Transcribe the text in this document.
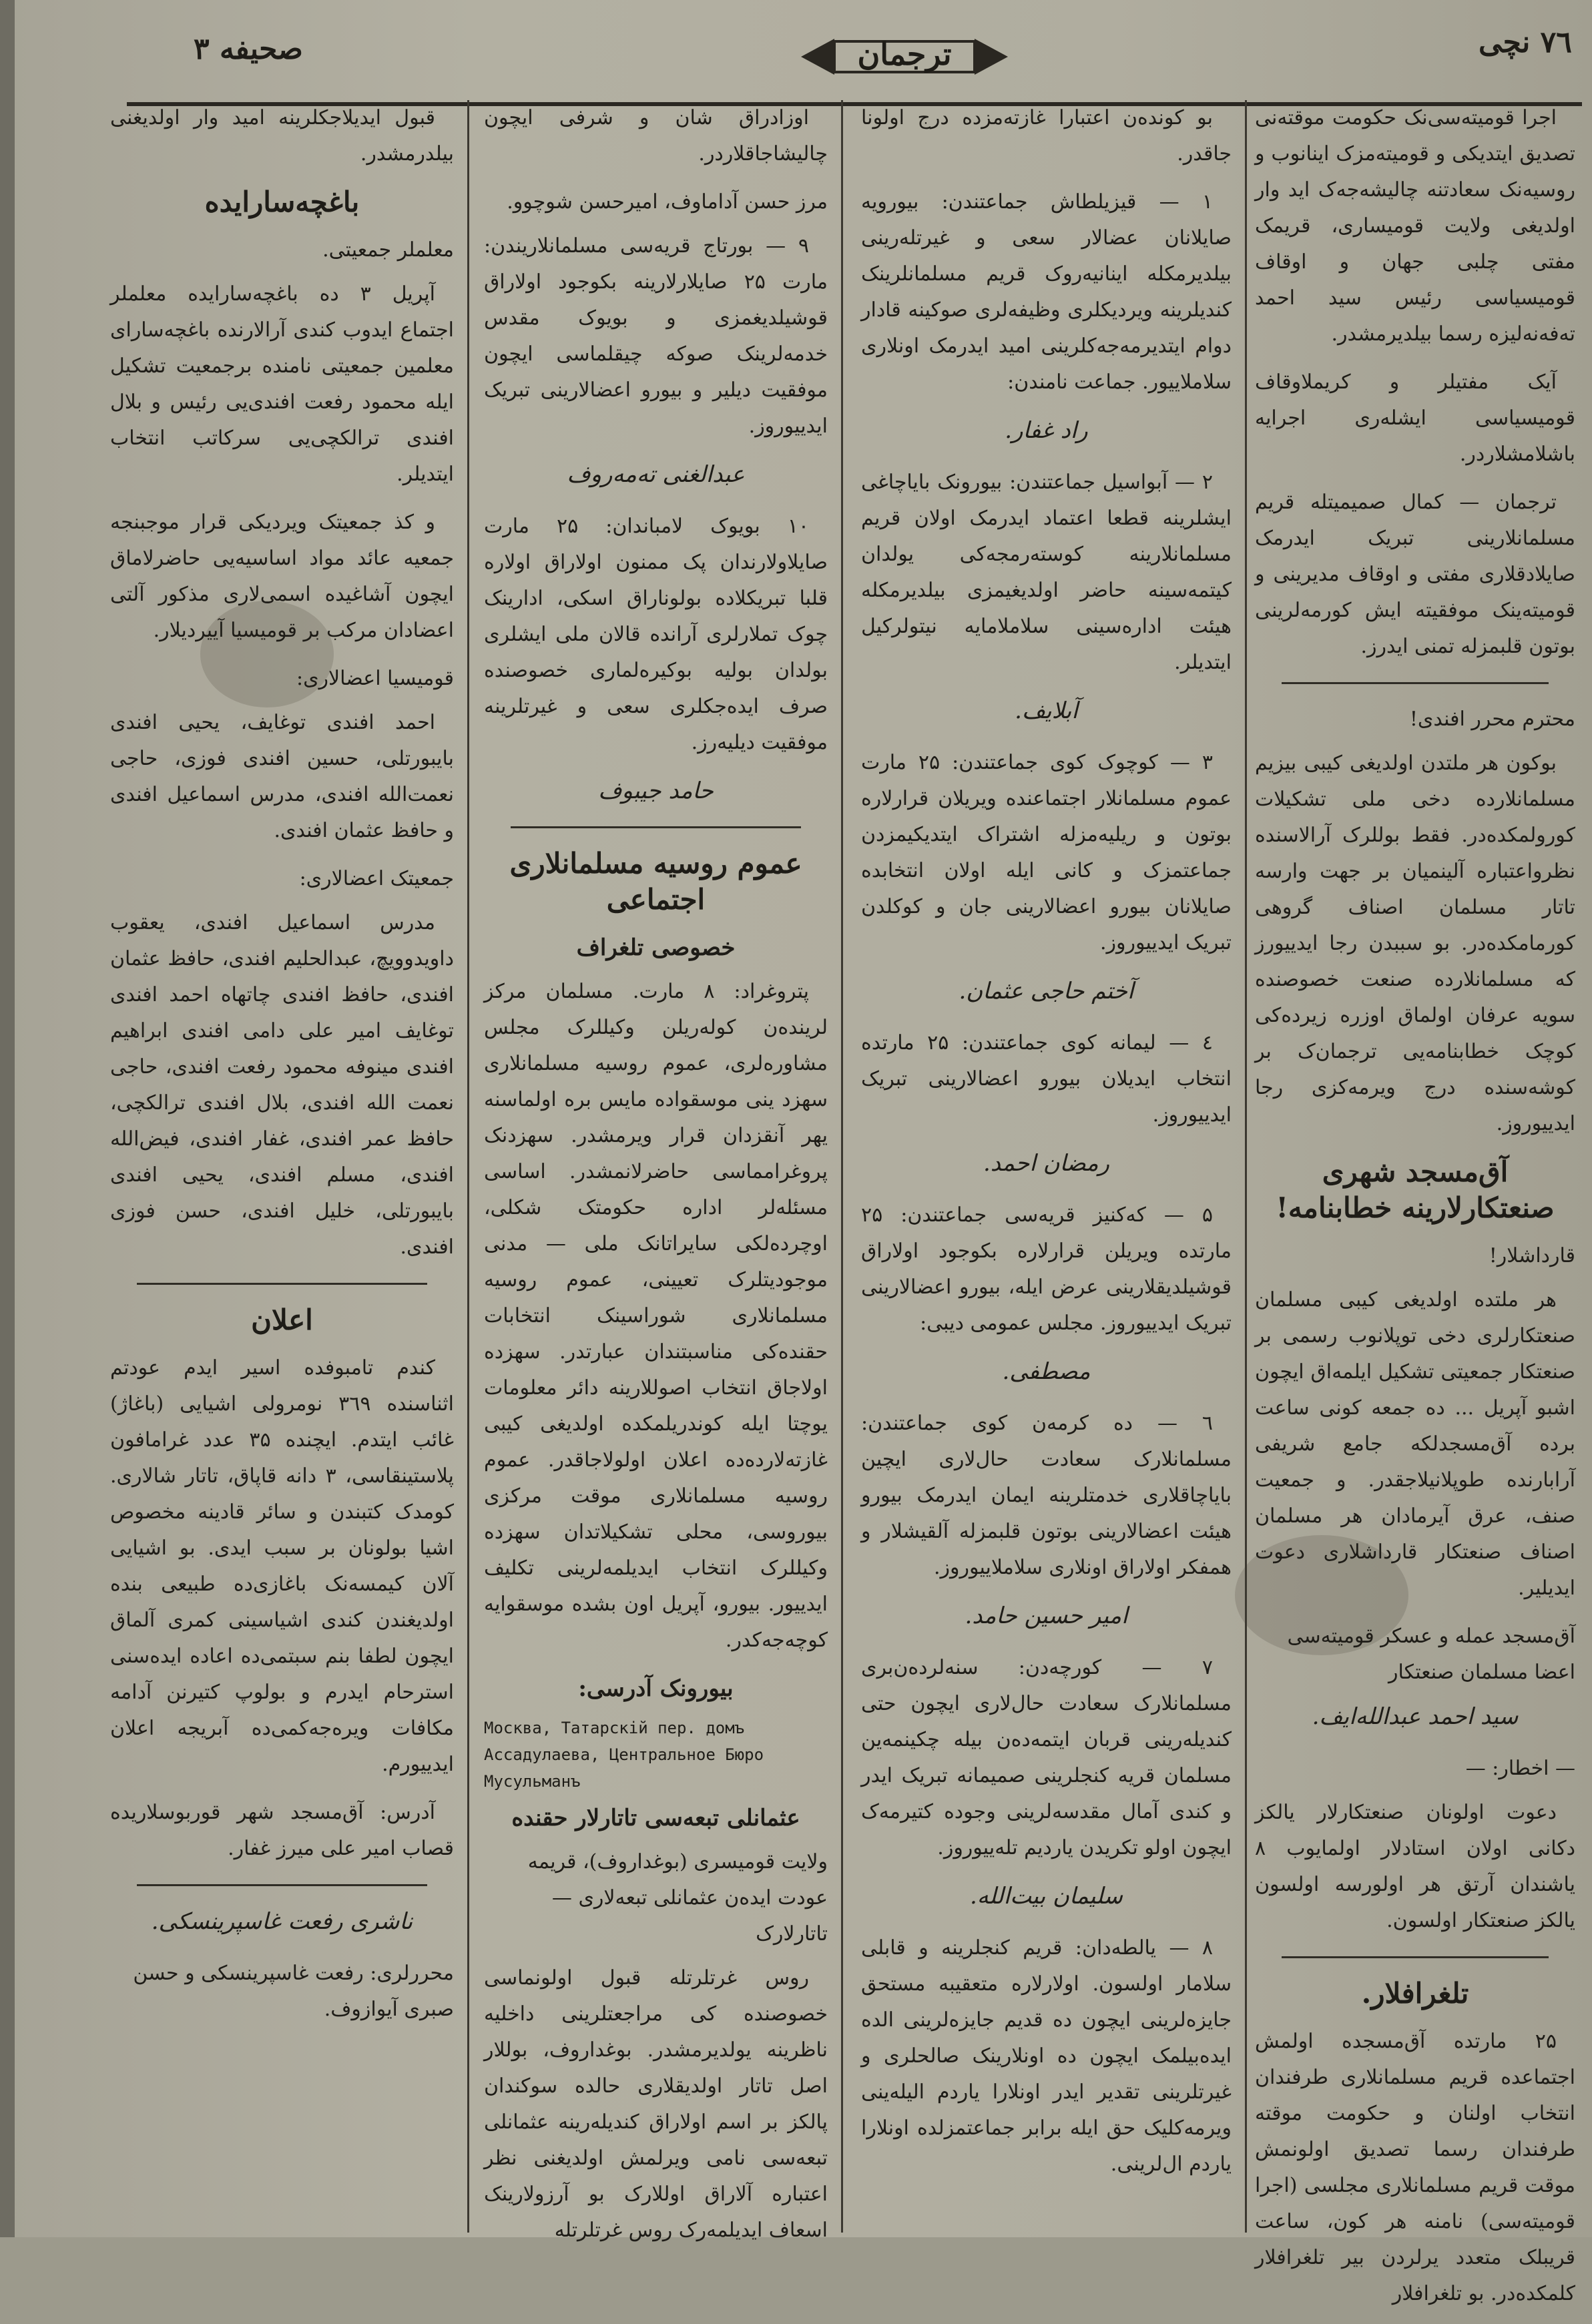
۷٦ نچی
ترجمان
صحیفه ۳

اجرا قومیته‌سی‌نک حکومت موقته‌نی تصدیق ایتدیکی و قومیته‌مزک اینانوب و روسیه‌نک سعادتنه چالیشه‌جه‌ک اید وار اولدیغی ولایت قومیساری، قریمک مفتی چلبی جهان و اوقاف قومیسیاسی رئیس سید احمد ته‌فه‌نه‌لیزه رسما بیلدیرمشدر.

آیک مفتیلر و کریملاوقاف قومیسیاسی ایشله‌ری اجرایه باشلامشلاردر.

ترجمان — کمال صمیمیتله قریم مسلمانلارینی تبریک ایدرمک صایلادقلاری مفتی و اوقاف مدیرینی و قومیته‌ینک موفقیته ایش کورمه‌لرینی بوتون قلبمزله تمنی ایدرز.

محترم محرر افندی!

بوکون هر ملتدن اولدیغی کیبی بیزیم مسلمانلارده دخی ملی تشکیلات کورولمکده‌در. فقط بوللرک آرالاسنده نظرواعتباره آلینمیان بر جهت وارسه تاتار مسلمان اصناف گروهی کورمامکده‌در. بو سببدن رجا ایدییورز که مسلمانلارده صنعت خصوصنده سویه عرفان اولماق اوزره زیرده‌کی کوچک خطابنامه‌یی ترجمان‌ک بر کوشه‌سنده درج ویرمه‌کزی رجا ایدییوروز.

آق‌مسجد شهری صنعتکارلارینه خطابنامه!
قارداشلار!

هر ملتده اولدیغی کیبی مسلمان صنعتکارلری دخی توپلانوب رسمی بر صنعتکار جمعیتی تشکیل ایلمه‌اق ایچون اشبو آپریل ... ده جمعه کونی ساعت برده آق‌مسجدلکه جامع شریفی آرابارنده طوپلانیلاجقدر. و جمعیت صنف، عرق آیرمادان هر مسلمان اصناف صنعتکار قارداشلاری دعوت ایدیلیر.

آق‌مسجد عمله و عسکر قومیته‌سی اعضا مسلمان صنعتکار
سید احمد عبدالله‌ایف.
— اخطار: —

دعوت اولونان صنعتکارلار یالکز دکانی اولان استادلار اولمایوب ۸ یاشندان آرتق هر اولورسه اولسون یالکز صنعتکار اولسون.

تلغرافلار.

۲۵ مارتده آق‌مسجده اولمش اجتماعده قریم مسلمانلاری طرفندان انتخاب اولنان و حکومت موقته طرفندان رسما تصدیق اولونمش موقت قریم مسلمانلاری مجلسی (اجرا قومیته‌سی) نامنه هر کون، ساعت قریبلک متعدد یرلردن بیر تلغرافلار کلمکده‌در. بو تلغرافلار

بو کونده‌ن اعتبارا غازته‌مزده درج اولونا جاقدر.

۱ — قیزیلطاش جماعتندن: بیورویه صایلانان عضالار سعی و غیرتله‌رینی بیلدیرمکله اینانیه‌روک قریم مسلمانلرینک کندیلرینه ویردیکلری وظیفه‌لری صوکینه قادار دوام ایتدیرمه‌جه‌کلرینی امید ایدرمک اونلاری سلاملاییور. جماعت نامندن:

راد غفار.

۲ — آبواسیل جماعتندن: بیورونک بایاچاغی ایشلرینه قطعا اعتماد ایدرمک اولان قریم مسلمانلارینه کوسته‌رمجه‌کی یولدان کیتمه‌سینه حاضر اولدیغیمزی بیلدیرمکله هیئت اداره‌سینی سلاملامایه نیتولرکیل ایتدیلر.

آبلایف.

۳ — کوچوک کوی جماعتندن: ۲۵ مارت عموم مسلمانلار اجتماعنده ویریلان قرارلاره بوتون و ریلیه‌مزله اشتراک ایتدیکیمزدن جماعتمزک و کانی ایله اولان انتخابده صایلانان بیورو اعضالارینی جان و کوکلدن تبریک ایدییوروز.

آختم حاجی عثمان.

٤ — لیمانه کوی جماعتندن: ۲۵ مارتده انتخاب ایدیلان بیورو اعضالارینی تبریک ایدییوروز.

رمضان احمد.

۵ — که‌کنیز قریه‌سی جماعتندن: ۲۵ مارتده ویریلن قرارلاره بکوجود اولاراق قوشیلدیقلارینی عرض ایله، بیورو اعضالارینی تبریک ایدییوروز. مجلس عمومی دیبی:

مصطفی.

٦ — ده کرمه‌ن کوی جماعتندن: مسلمانلارک سعادت حال‌لاری ایچین بایاچاقلاری خدمتلرینه ایمان ایدرمک بیورو هیئت اعضالارینی بوتون قلبمزله آلقیشلار و همفکر اولاراق اونلاری سلاملاییوروز.

امیر حسین حامد.

۷ — کورچه‌دن: سنه‌لرده‌ن‌بری مسلمانلارک سعادت حال‌لاری ایچون حتی کندیله‌رینی قربان ایتمه‌ده‌ن بیله چکینمه‌ین مسلمان قریه کنجلرینی صمیمانه تبریک ایدر و کندی آمال مقدسه‌لرینی وجوده کتیرمه‌ک ایچون اولو تکریدن یاردیم تله‌ییوروز.

سلیمان بیت‌الله.

۸ — یالطه‌دان: قریم کنجلرینه و قابلی سلامار اولسون. اولارلاره متعقیبه مستحق جایزه‌لرینی ایچون ده قدیم جایزه‌لرینی الده ایده‌بیلمک ایچون ده اونلارینک صالحلری و غیرتلرینی تقدیر ایدر اونلارا یاردم الیله‌ینی ویرمه‌کلیک حق ایله برابر جماعتمزلده اونلارا یاردم ال‌لرینی.

اوزادراق شان و شرفی ایچون چالیشاجاقلاردر.

مرز حسن آداماوف، امیرحسن شوچوو.

۹ — بورتاج قریه‌سی مسلمانلاریندن: مارت ۲۵ صایلارلارینه بکوجود اولاراق قوشیلدیغمزی و بویوک مقدس خدمه‌لرینک صوکه چیقلماسی ایچون موفقیت دیلیر و بیورو اعضالارینی تبریک ایدییوروز.

عبدالغنی ته‌مه‌روف

۱۰ بویوک لامباندان: ۲۵ مارت صایلاولارندان پک ممنون اولاراق اولاره قلبا تبریکلاده بولوناراق اسکی، ادارینک چوک تملارلری آرانده قالان ملی ایشلری بولدان بولیه بوکیره‌لماری خصوصنده صرف ایده‌جکلری سعی و غیرتلرینه موفقیت دیلیه‌رز.

حامد جیبوف
عموم روسیه مسلمانلاری اجتماعی
خصوصی تلغراف

پتروغراد: ۸ مارت. مسلمان مرکز لرینده‌ن کوله‌ریلن وکیللرک مجلس مشاوره‌لری، عموم روسیه مسلمانلاری سهزد ینی موسقواده مایس بره اولماسنه یهر آنقزدان قرار ویرمشدر. سهزدنک پروغرامماسی حاضرلانمشدر. اساسی مسئله‌لر اداره حکومتک شکلی، اوچرده‌لکی سایراتانک ملی — مدنی موجودیتلرک تعیینی، عموم روسیه مسلمانلاری شوراسینک انتخابات حقنده‌کی مناسبتندان عبارتدر. سهزده اولاجاق انتخاب اصوللارینه دائر معلومات یوچتا ایله کوندریلمکده اولدیغی کیبی غازته‌لارده‌ده اعلان اولولاجاقدر. عموم روسیه مسلمانلاری موقت مرکزی بیوروسی، محلی تشکیلاتدان سهزده وکیللرک انتخاب ایدیلمه‌لرینی تکلیف ایدییور. بیورو، آپریل اون بشده موسقوایه کوچه‌جه‌کدر.

بیورونک آدرسی:
Москва, Татарскiй пер. домъ Ассадулаева, Центральное Бюро Мусульманъ
عثمانلی تبعه‌سی تاتارلار حقنده
ولایت قومیسری (بوغداروف)، قریمه عودت ایده‌ن عثمانلی تبعه‌لاری — تاتارلارک

روس غرتلرتله قبول اولونماسی خصوصنده کی مراجعتلرینی داخلیه ناظرینه یولدیرمشدر. بوغداروف، بوللار اصل تاتار اولدیقلاری حالده سوکندان پالکز بر اسم اولاراق کندیله‌رینه عثمانلی تبعه‌سی نامی ویرلمش اولدیغنی نظر اعتباره آلاراق اوللارک بو آرزولارینک اسعاف ایدیلمه‌رک روس غرتلرتله

قبول ایدیلاجکلرینه امید وار اولدیغنی بیلدرمشدر.

باغچه‌سارایده
معلملر جمعیتی.

آپریل ۳ ده باغچه‌سارایده معلملر اجتماع ایدوب کندی آرالارنده باغچه‌سارای معلمین جمعیتی نامنده برجمعیت تشکیل ایله محمود رفعت افندی‌یی رئیس و بلال افندی ترالکچی‌یی سرکاتب انتخاب ایتدیلر.

و کذ جمعیتک ویردیکی قرار موجبنجه جمعیه عائد مواد اساسیه‌یی حاضرلاماق ایچون آشاغیده اسمی‌لاری مذکور آلتی اعضادان مرکب بر قومیسیا آییردیلار.

قومیسیا اعضالاری:

احمد افندی توغایف، یحیی افندی بایبورتلی، حسین افندی فوزی، حاجی نعمت‌الله افندی، مدرس اسماعیل افندی و حافظ عثمان افندی.

جمعیتک اعضالاری:

مدرس اسماعیل افندی، یعقوب داویدوویچ، عبدالحلیم افندی، حافظ عثمان افندی، حافظ افندی چاتهاه احمد افندی توغایف امیر علی دامی افندی ابراهیم افندی مینوفه محمود رفعت افندی، حاجی نعمت الله افندی، بلال افندی ترالکچی، حافظ عمر افندی، غفار افندی، فیض‌الله افندی، مسلم افندی، یحیی افندی بایبورتلی، خلیل افندی، حسن فوزی افندی.

اعلان

کندم تامبوفده اسیر ایدم عودتم اثناسنده ۳٦۹ نومرولی اشیایی (باغاژ) غائب ایتدم. ایچنده ۳۵ عدد غرامافون پلاستینقاسی، ۳ دانه قاپاق، تاتار شالاری. کومدک کتبندن و سائر قادینه مخصوص اشیا بولونان بر سبب ایدی. بو اشیایی آلان کیمسه‌نک باغازی‌ده طبیعی بنده اولدیغندن کندی اشیاسینی کمری آلماق ایچون لطفا بنم سبتمی‌ده اعاده ایده‌سنی استرحام ایدرم و بولوپ کتیرنن آدامه مکافات ویره‌جه‌کمی‌ده آبریجه اعلان ایدییورم.

آدرس: آق‌مسجد شهر قوربوسلاریده قصاب امیر علی میرز غفار.

ناشری رفعت غاسپرینسکی.
محررلری: رفعت غاسپرینسکی و حسن صبری آیوازوف.
